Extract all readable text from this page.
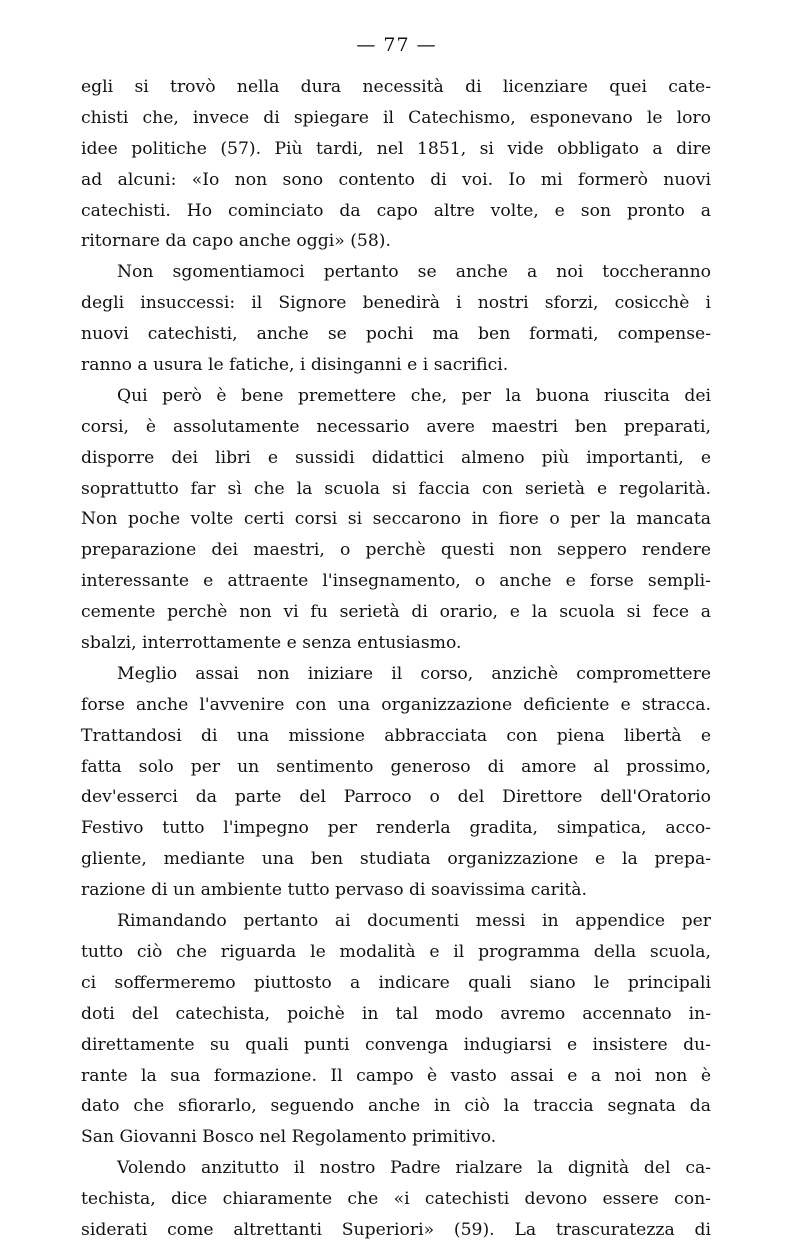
— 77 —
egli si trovò nella dura necessità di licenziare quei cate-
chisti che, invece di spiegare il Catechismo, esponevano le loro
idee politiche (57). Più tardi, nel 1851, si vide obbligato a dire
ad alcuni: «Io non sono contento di voi. Io mi formerò nuovi
catechisti. Ho cominciato da capo altre volte, e son pronto a
ritornare da capo anche oggi» (58).
Non sgomentiamoci pertanto se anche a noi toccheranno
degli insuccessi: il Signore benedirà i nostri sforzi, cosicchè i
nuovi catechisti, anche se pochi ma ben formati, compense-
ranno a usura le fatiche, i disinganni e i sacrifici.
Qui però è bene premettere che, per la buona riuscita dei
corsi, è assolutamente necessario avere maestri ben preparati,
disporre dei libri e sussidi didattici almeno più importanti, e
soprattutto far sì che la scuola si faccia con serietà e regolarità.
Non poche volte certi corsi si seccarono in fiore o per la mancata
preparazione dei maestri, o perchè questi non seppero rendere
interessante e attraente l'insegnamento, o anche e forse sempli-
cemente perchè non vi fu serietà di orario, e la scuola si fece a
sbalzi, interrottamente e senza entusiasmo.
Meglio assai non iniziare il corso, anzichè compromettere
forse anche l'avvenire con una organizzazione deficiente e stracca.
Trattandosi di una missione abbracciata con piena libertà e
fatta solo per un sentimento generoso di amore al prossimo,
dev'esserci da parte del Parroco o del Direttore dell'Oratorio
Festivo tutto l'impegno per renderla gradita, simpatica, acco-
gliente, mediante una ben studiata organizzazione e la prepa-
razione di un ambiente tutto pervaso di soavissima carità.
Rimandando pertanto ai documenti messi in appendice per
tutto ciò che riguarda le modalità e il programma della scuola,
ci soffermeremo piuttosto a indicare quali siano le principali
doti del catechista, poichè in tal modo avremo accennato in-
direttamente su quali punti convenga indugiarsi e insistere du-
rante la sua formazione. Il campo è vasto assai e a noi non è
dato che sfiorarlo, seguendo anche in ciò la traccia segnata da
San Giovanni Bosco nel Regolamento primitivo.
Volendo anzitutto il nostro Padre rialzare la dignità del ca-
techista, dice chiaramente che «i catechisti devono essere con-
siderati come altrettanti Superiori» (59). La trascuratezza di
